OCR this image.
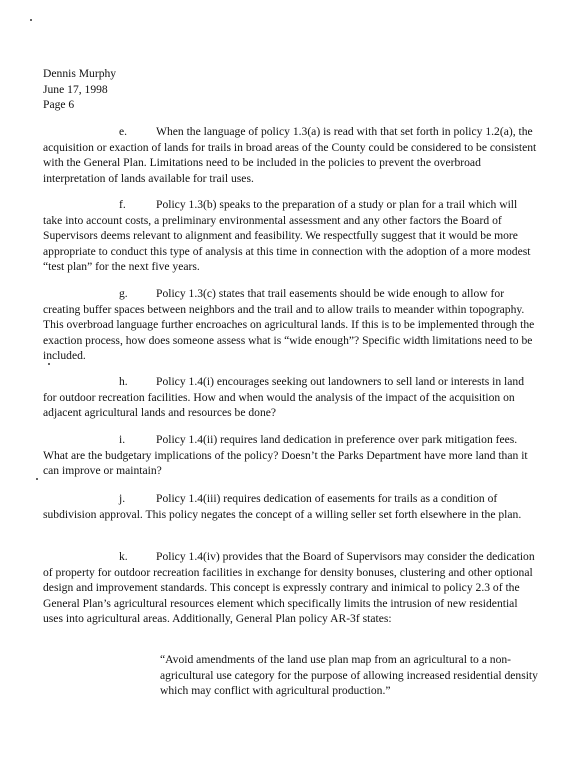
Dennis Murphy
June 17, 1998
Page 6
e. When the language of policy 1.3(a) is read with that set forth in policy 1.2(a), the acquisition or exaction of lands for trails in broad areas of the County could be considered to be consistent with the General Plan. Limitations need to be included in the policies to prevent the overbroad interpretation of lands available for trail uses.
f.	Policy 1.3(b) speaks to the preparation of a study or plan for a trail which will take into account costs, a preliminary environmental assessment and any other factors the Board of Supervisors deems relevant to alignment and feasibility. We respectfully suggest that it would be more appropriate to conduct this type of analysis at this time in connection with the adoption of a more modest “test plan” for the next five years.
g. Policy 1.3(c) states that trail easements should be wide enough to allow for creating buffer spaces between neighbors and the trail and to allow trails to meander within topography. This overbroad language further encroaches on agricultural lands. If this is to be implemented through the exaction process, how does someone assess what is “wide enough”? Specific width limitations need to be included.
h. Policy 1.4(i) encourages seeking out landowners to sell land or interests in land for outdoor recreation facilities. How and when would the analysis of the impact of the acquisition on adjacent agricultural lands and resources be done?
i.	Policy 1.4(ii) requires land dedication in preference over park mitigation fees. What are the budgetary implications of the policy? Doesn’t the Parks Department have more land than it can improve or maintain?
j.	Policy 1.4(iii) requires dedication of easements for trails as a condition of subdivision approval. This policy negates the concept of a willing seller set forth elsewhere in the plan.
k. Policy 1.4(iv) provides that the Board of Supervisors may consider the dedication of property for outdoor recreation facilities in exchange for density bonuses, clustering and other optional design and improvement standards. This concept is expressly contrary and inimical to policy 2.3 of the General Plan’s agricultural resources element which specifically limits the intrusion of new residential uses into agricultural areas. Additionally, General Plan policy AR-3f states:
“Avoid amendments of the land use plan map from an agricultural to a non-agricultural use category for the purpose of allowing increased residential density which may conflict with agricultural production.”
